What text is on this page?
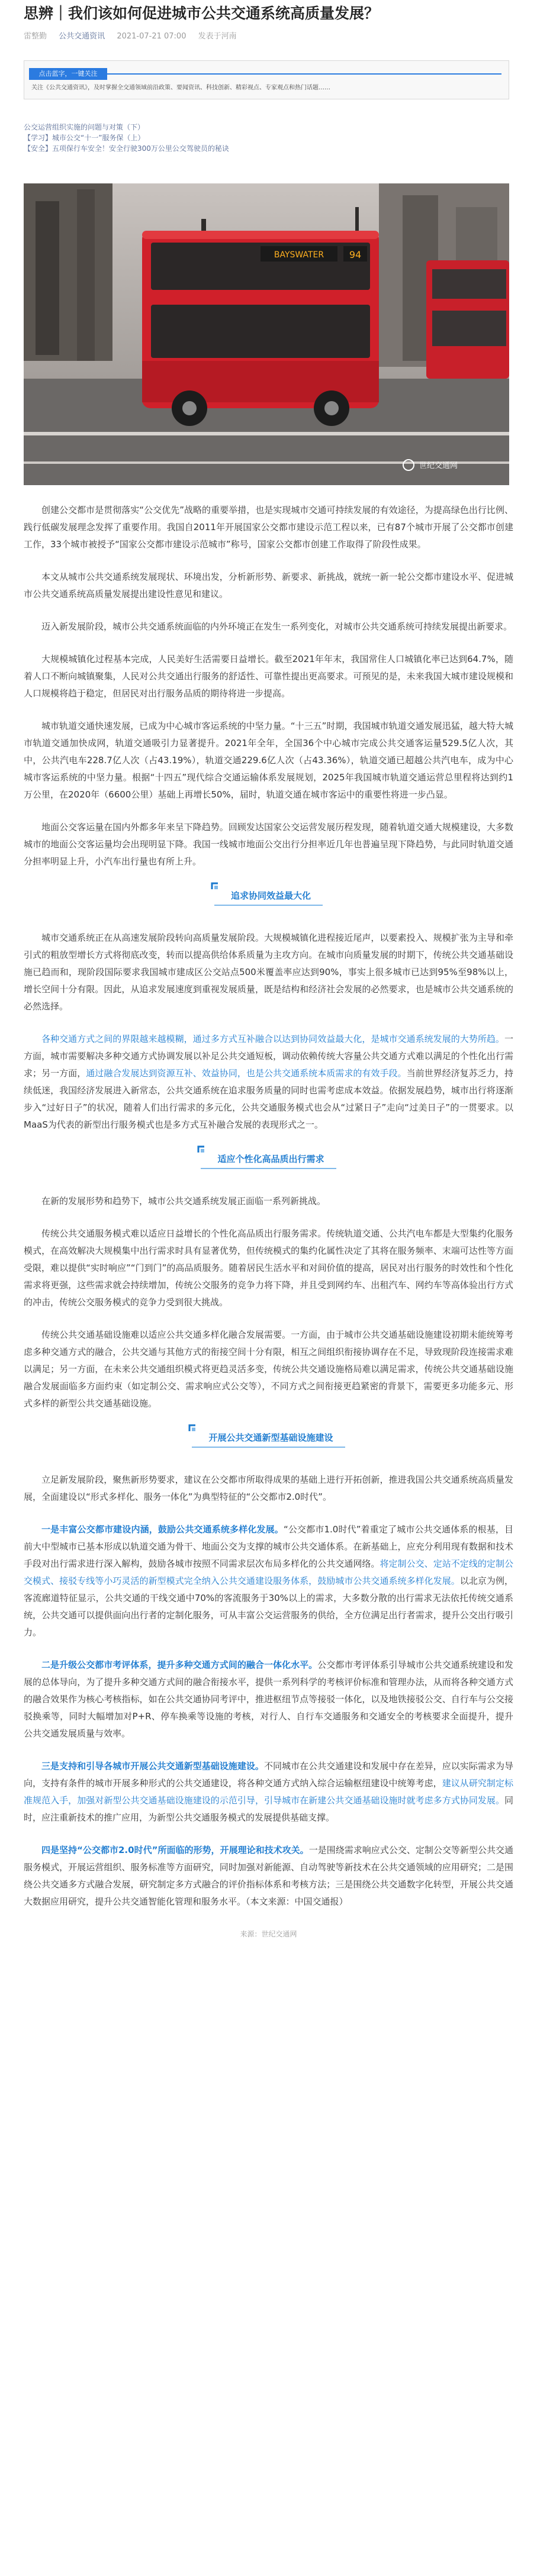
思辨｜我们该如何促进城市公共交通系统高质量发展？
雷整勤 公共交通资讯 2021-07-21 07:00 发表于河南
点击蓝字，一键关注
关注《公共交通资讯》，及时掌握全交通领域前沿政策、要闻资讯、科技创新、精彩视点、专家观点和热门话题……
公交运营组织实施的问题与对策（下）
【学习】城市公交“十一”服务保（上）
【安全】五项保行车安全！安全行驶300万公里公交驾驶员的秘诀
BAYSWATER	94
世纪交通网

创建公交都市是贯彻落实“公交优先”战略的重要举措，也是实现城市交通可持续发展的有效途径，为提高绿色出行比例、践行低碳发展理念发挥了重要作用。我国自2011年开展国家公交都市建设示范工程以来，已有87个城市开展了公交都市创建工作，33个城市被授予“国家公交都市建设示范城市”称号，国家公交都市创建工作取得了阶段性成果。

本文从城市公共交通系统发展现状、环境出发，分析新形势、新要求、新挑战，就统一新一轮公交都市建设水平、促进城市公共交通系统高质量发展提出建设性意见和建议。

迈入新发展阶段，城市公共交通系统面临的内外环境正在发生一系列变化，对城市公共交通系统可持续发展提出新要求。

大规模城镇化过程基本完成，人民美好生活需要日益增长。截至2021年年末，我国常住人口城镇化率已达到64.7%，随着人口不断向城镇聚集，人民对公共交通出行服务的舒适性、可靠性提出更高要求。可预见的是，未来我国大城市建设规模和人口规模将趋于稳定，但居民对出行服务品质的期待将进一步提高。

城市轨道交通快速发展，已成为中心城市客运系统的中坚力量。“十三五”时期，我国城市轨道交通发展迅猛，越大特大城市轨道交通加快成网，轨道交通吸引力显著提升。2021年全年，全国36个中心城市完成公共交通客运量529.5亿人次，其中，公共汽电车228.7亿人次（占43.19%），轨道交通229.6亿人次（占43.36%），轨道交通已超越公共汽电车，成为中心城市客运系统的中坚力量。根据“十四五”现代综合交通运输体系发展规划，2025年我国城市轨道交通运营总里程将达到约1万公里，在2020年（6600公里）基础上再增长50%，届时，轨道交通在城市客运中的重要性将进一步凸显。

地面公交客运量在国内外都多年来呈下降趋势。回顾发达国家公交运营发展历程发现，随着轨道交通大规模建设，大多数城市的地面公交客运量均会出现明显下降。我国一线城市地面公交出行分担率近几年也普遍呈现下降趋势，与此同时轨道交通分担率明显上升，小汽车出行量也有所上升。

追求协同效益最大化

城市交通系统正在从高速发展阶段转向高质量发展阶段。大规模城镇化进程接近尾声，以要素投入、规模扩张为主导和牵引式的粗放型增长方式将彻底改变，转而以提高供给体系质量为主攻方向。在城市向质量发展的时期下，传统公共交通基础设施已趋而和，现阶段国际要求我国城市建成区公交站点500米覆盖率应达到90%，事实上很多城市已达到95%至98%以上，增长空间十分有限。因此，从追求发展速度到重视发展质量，既是结构和经济社会发展的必然要求，也是城市公共交通系统的必然选择。

各种交通方式之间的界限越来越模糊，通过多方式互补融合以达到协同效益最大化，是城市交通系统发展的大势所趋。一方面，城市需要解决多种交通方式协调发展以补足公共交通短板，调动依赖传统大容量公共交通方式难以满足的个性化出行需求；另一方面，通过融合发展达到资源互补、效益协同，也是公共交通系统本质需求的有效手段。当前世界经济复苏乏力，持续低迷，我国经济发展进入新常态，公共交通系统在追求服务质量的同时也需考虑成本效益。依据发展趋势，城市出行将逐渐步入“过好日子”的状况，随着人们出行需求的多元化，公共交通服务模式也会从“过紧日子”走向“过美日子”的一贯要求。以MaaS为代表的新型出行服务模式也是多方式互补融合发展的表现形式之一。

适应个性化高品质出行需求

在新的发展形势和趋势下，城市公共交通系统发展正面临一系列新挑战。

传统公共交通服务模式难以适应日益增长的个性化高品质出行服务需求。传统轨道交通、公共汽电车都是大型集约化服务模式，在高效解决大规模集中出行需求时具有显著优势，但传统模式的集约化属性决定了其将在服务频率、末端可达性等方面受限，难以提供“实时响应”“门到门”的高品质服务。随着居民生活水平和对间价值的提高，居民对出行服务的时效性和个性化需求将更强，这些需求就会持续增加，传统公交服务的竞争力将下降，并且受到网约车、出租汽车、网约车等高体验出行方式的冲击，传统公交服务模式的竞争力受到很大挑战。

传统公共交通基础设施难以适应公共交通多样化融合发展需要。一方面，由于城市公共交通基础设施建设初期未能统筹考虑多种交通方式的融合，公共交通与其他方式的衔接空间十分有限，相互之间组织衔接协调存在不足，导致现阶段连接需求难以满足；另一方面，在未来公共交通组织模式将更趋灵活多变，传统公共交通设施格局难以满足需求，传统公共交通基础设施融合发展面临多方面约束（如定制公交、需求响应式公交等），不同方式之间衔接更趋紧密的背景下，需要更多功能多元、形式多样的新型公共交通基础设施。

开展公共交通新型基础设施建设

立足新发展阶段，聚焦新形势要求，建议在公交都市所取得成果的基础上进行开拓创新，推进我国公共交通系统高质量发展，全面建设以“形式多样化、服务一体化”为典型特征的“公交都市2.0时代”。

一是丰富公交都市建设内涵，鼓励公共交通系统多样化发展。“公交都市1.0时代”着重定了城市公共交通体系的根基，目前大中型城市已基本形成以轨道交通为骨干、地面公交为支撑的城市公共交通体系。在新基础上，应充分利用现有数据和技术手段对出行需求进行深入解构，鼓励各城市按照不同需求层次布局多样化的公共交通网络。将定制公交、定站不定线的定制公交模式、接驳专线等小巧灵活的新型模式完全纳入公共交通建设服务体系，鼓励城市公共交通系统多样化发展。以北京为例，客流廊道特征显示，公共交通的干线交通中70%的客流服务于30%以上的需求，大多数分散的出行需求无法依托传统交通系统，公共交通可以提供面向出行者的定制化服务，可从丰富公交运营服务的供给，全方位满足出行者需求，提升公交出行吸引力。

二是升级公交都市考评体系，提升多种交通方式间的融合一体化水平。公交都市考评体系引导城市公共交通系统建设和发展的总体导向，为了提升多种交通方式间的融合衔接水平，提供一系列科学的考核评价标准和管理办法，从而将各种交通方式的融合效果作为核心考核指标，如在公共交通协同考评中，推进枢纽节点等接驳一体化，以及地铁接驳公交、自行车与公交接驳换乘等，同时大幅增加对P+R、停车换乘等设施的考核，对行人、自行车交通服务和交通安全的考核要求全面提升，提升公共交通发展质量与效率。

三是支持和引导各城市开展公共交通新型基础设施建设。不同城市在公共交通建设和发展中存在差异，应以实际需求为导向，支持有条件的城市开展多种形式的公共交通建设，将各种交通方式纳入综合运输枢纽建设中统筹考虑，建议从研究制定标准规范入手，加强对新型公共交通基础设施建设的示范引导，引导城市在新建公共交通基础设施时就考虑多方式协同发展。同时，应注重新技术的推广应用，为新型公共交通服务模式的发展提供基础支撑。

四是坚持“公交都市2.0时代”所面临的形势，开展理论和技术攻关。一是围绕需求响应式公交、定制公交等新型公共交通服务模式，开展运营组织、服务标准等方面研究，同时加强对新能源、自动驾驶等新技术在公共交通领域的应用研究；二是围绕公共交通多方式融合发展，研究制定多方式融合的评价指标体系和考核方法；三是围绕公共交通数字化转型，开展公共交通大数据应用研究，提升公共交通智能化管理和服务水平。（本文来源：中国交通报）

来源：世纪交通网
